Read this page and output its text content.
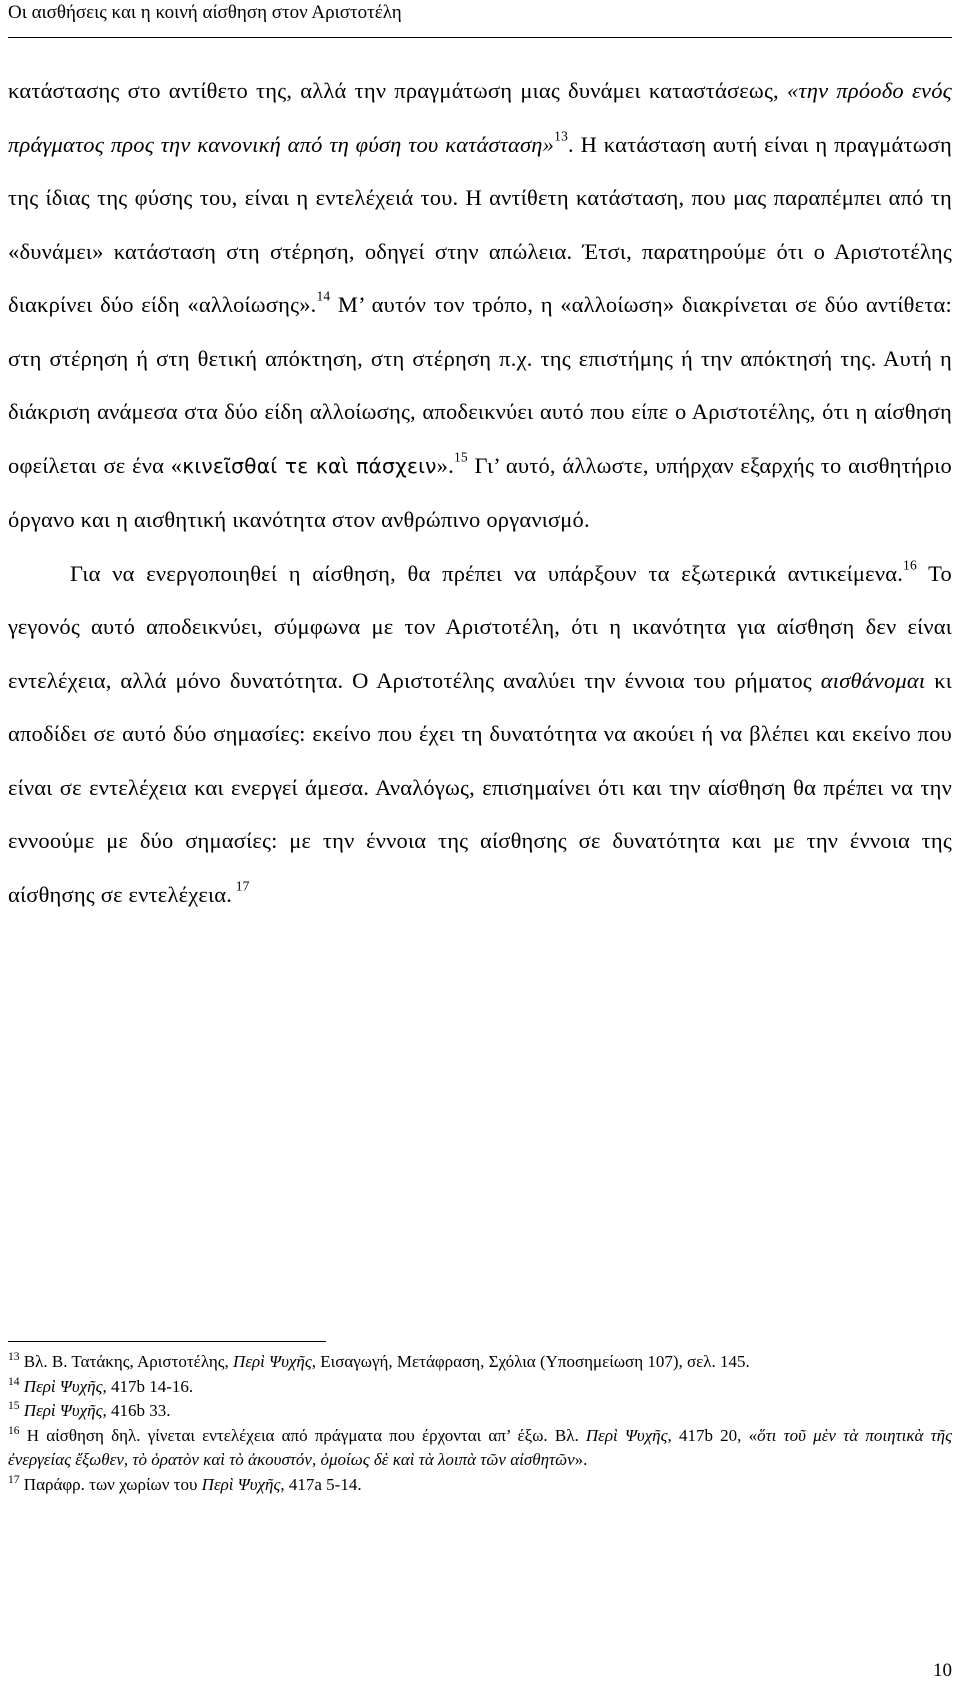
Οι αισθήσεις και η κοινή αίσθηση στον Αριστοτέλη

κατάστασης στο αντίθετο της, αλλά την πραγμάτωση μιας δυνάμει καταστάσεως, «την πρόοδο ενός πράγματος προς την κανονική από τη φύση του κατάσταση»$^{13}$. Η κατάσταση αυτή είναι η πραγμάτωση της ίδιας της φύσης του, είναι η εντελέχειά του. Η αντίθετη κατάσταση, που μας παραπέμπει από τη «δυνάμει» κατάσταση στη στέρηση, οδηγεί στην απώλεια. Έτσι, παρατηρούμε ότι ο Αριστοτέλης διακρίνει δύο είδη «αλλοίωσης».$^{14}$ Μ’ αυτόν τον τρόπο, η «αλλοίωση» διακρίνεται σε δύο αντίθετα: στη στέρηση ή στη θετική απόκτηση, στη στέρηση π.χ. της επιστήμης ή την απόκτησή της. Αυτή η διάκριση ανάμεσα στα δύο είδη αλλοίωσης, αποδεικνύει αυτό που είπε ο Αριστοτέλης, ότι η αίσθηση οφείλεται σε ένα «κινεῖσθαί τε καὶ πάσχειν».$^{15}$ Γι’ αυτό, άλλωστε, υπήρχαν εξαρχής το αισθητήριο όργανο και η αισθητική ικανότητα στον ανθρώπινο οργανισμό.

Για να ενεργοποιηθεί η αίσθηση, θα πρέπει να υπάρξουν τα εξωτερικά αντικείμενα.$^{16}$ Το γεγονός αυτό αποδεικνύει, σύμφωνα με τον Αριστοτέλη, ότι η ικανότητα για αίσθηση δεν είναι εντελέχεια, αλλά μόνο δυνατότητα. Ο Αριστοτέλης αναλύει την έννοια του ρήματος αισθάνομαι κι αποδίδει σε αυτό δύο σημασίες: εκείνο που έχει τη δυνατότητα να ακούει ή να βλέπει και εκείνο που είναι σε εντελέχεια και ενεργεί άμεσα. Αναλόγως, επισημαίνει ότι και την αίσθηση θα πρέπει να την εννοούμε με δύο σημασίες: με την έννοια της αίσθησης σε δυνατότητα και με την έννοια της αίσθησης σε εντελέχεια. $^{17}$

$^{13}$ Βλ. Β. Τατάκης, Αριστοτέλης, Περὶ Ψυχῆς, Εισαγωγή, Μετάφραση, Σχόλια (Υποσημείωση 107), σελ. 145.

$^{14}$ Περὶ Ψυχῆς, 417b 14-16.

$^{15}$ Περὶ Ψυχῆς, 416b 33.

$^{16}$ Η αίσθηση δηλ. γίνεται εντελέχεια από πράγματα που έρχονται απ’ έξω. Βλ. Περὶ Ψυχῆς, 417b 20, «ὅτι τοῦ μὲν τὰ ποιητικὰ τῆς ἐνεργείας ἔξωθεν, τὸ ὁρατὸν καὶ τὸ ἀκουστόν, ὁμοίως δὲ καὶ τὰ λοιπὰ τῶν αἰσθητῶν».

$^{17}$ Παράφρ. των χωρίων του Περὶ Ψυχῆς, 417a 5-14.

10
